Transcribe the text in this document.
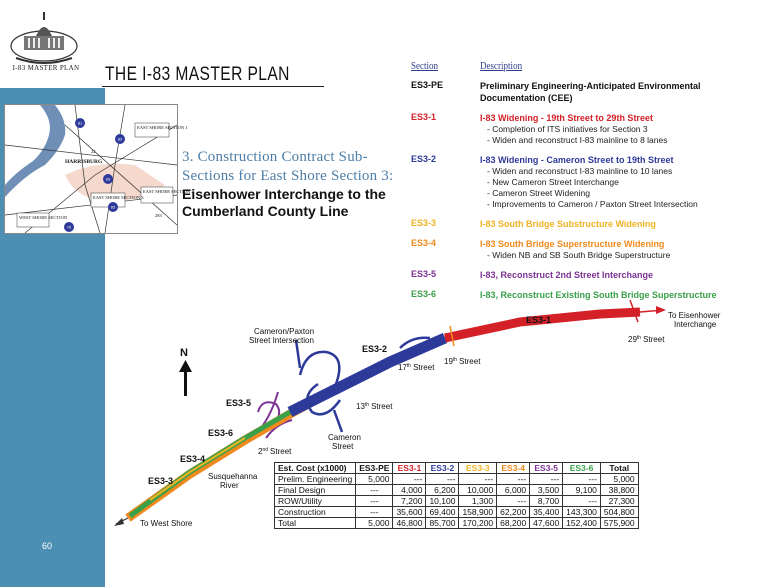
I-83 MASTER PLAN	THE I-83 MASTER PLAN
EAST SHORE SECTION 1
EAST SHORE SECTION 2
EAST SHORE SECTION 3
HARRISBURG
WEST SHORE SECTION
22
283
81
83
83
83
76
3. Construction Contract Sub-Sections for East Shore Section 3:
Eisenhower Interchange to the Cumberland County Line
Section	Description
ES3-PE	Preliminary Engineering-Anticipated Environmental Documentation (CEE)
ES3-1	I-83 Widening - 19th Street to 29th Street
- Completion of ITS initiatives for Section 3
- Widen and reconstruct I-83 mainline to 8 lanes
ES3-2	I-83 Widening - Cameron Street to 19th Street
- Widen and reconstruct I-83 mainline to 10 lanes
- New Cameron Street Interchange
- Cameron Street Widening
- Improvements to Cameron / Paxton Street Intersection
ES3-3	I-83 South Bridge Substructure Widening
ES3-4	I-83 South Bridge Superstructure Widening
- Widen NB and SB South Bridge Superstructure
ES3-5	I-83, Reconstruct 2nd Street Interchange
ES3-6	I-83, Reconstruct Existing South Bridge Superstructure
ES3-1
ES3-2
ES3-3
ES3-4
ES3-5
ES3-6
To Eisenhower
Interchange
29th Street
19th Street
17th Street
13th Street
2nd Street
Cameron/Paxton
Street Intersection
Cameron
Street
Susquehanna
River
N
To West Shore
Est. Cost (x1000)	ES3-PE	ES3-1	ES3-2	ES3-3	ES3-4	ES3-5	ES3-6	Total
Prelim. Engineering	5,000	---	---	---	---	---	---	5,000
Final Design	---	4,000	6,200	10,000	6,000	3,500	9,100	38,800
ROW/Utility	---	7,200	10,100	1,300	---	8,700	---	27,300
Construction	---	35,600	69,400	158,900	62,200	35,400	143,300	504,800
Total	5,000	46,800	85,700	170,200	68,200	47,600	152,400	575,900
60
